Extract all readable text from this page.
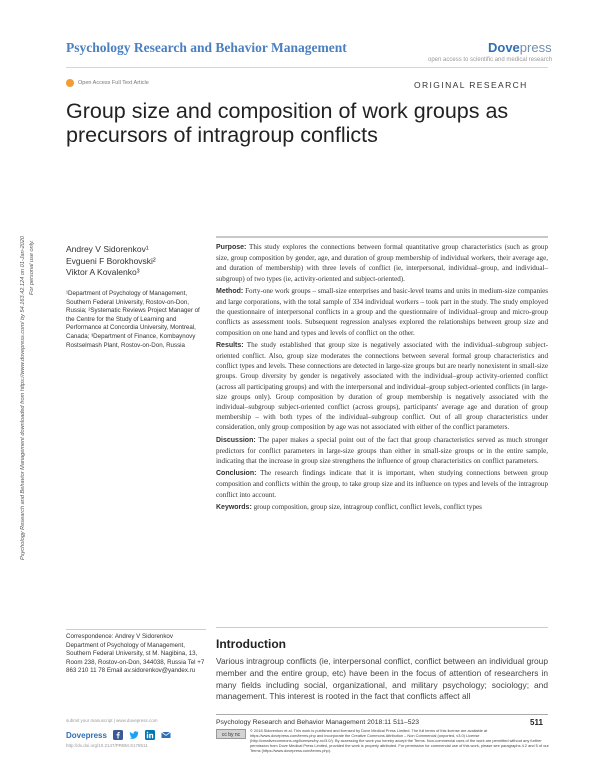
Psychology Research and Behavior Management	Dovepress
open access to scientific and medical research
Open Access Full Text Article	ORIGINAL RESEARCH
Group size and composition of work groups as precursors of intragroup conflicts
Psychology Research and Behavior Management downloaded from https://www.dovepress.com/ by 54.163.42.124 on 01-Jan-2020 For personal use only.	Andrey V Sidorenkov¹
Evgueni F Borokhovski²
Viktor A Kovalenko³
¹Department of Psychology of Management, Southern Federal University, Rostov-on-Don, Russia; ²Systematic Reviews Project Manager of the Centre for the Study of Learning and Performance at Concordia University, Montreal, Canada; ³Department of Finance, Kombaynovy Rostselmash Plant, Rostov-on-Don, Russia

Purpose: This study explores the connections between formal quantitative group characteristics (such as group size, group composition by gender, age, and duration of group membership of individual workers, their average age, and duration of membership) with three levels of conflict (ie, interpersonal, individual–group, and individual–subgroup) of two types (ie, activity-oriented and subject-oriented).

Method: Forty-one work groups – small-size enterprises and basic-level teams and units in medium-size companies and large corporations, with the total sample of 334 individual workers – took part in the study. The study employed the questionnaire of interpersonal conflicts in a group and the questionnaire of individual–group and micro-group conflicts as assessment tools. Subsequent regression analyses explored the relationships between group size and composition on one hand and types and levels of conflict on the other.

Results: The study established that group size is negatively associated with the individual–subgroup subject-oriented conflict. Also, group size moderates the connections between several formal group characteristics and conflict types and levels. These connections are detected in large-size groups but are nearly nonexistent in small-size groups. Group diversity by gender is negatively associated with the individual–group activity-oriented conflict (across all participating groups) and with the interpersonal and individual–group subject-oriented conflicts (in large-size groups only). Group composition by duration of group membership is negatively associated with the individual–subgroup subject-oriented conflict (across groups), participants' average age and duration of group membership – with both types of the individual–subgroup conflict. Out of all group characteristics under consideration, only group composition by age was not associated with either of the conflict parameters.

Discussion: The paper makes a special point out of the fact that group characteristics served as much stronger predictors for conflict parameters in large-size groups than either in small-size groups or in the entire sample, indicating that the increase in group size strengthens the influence of group characteristics on conflict parameters.

Conclusion: The research findings indicate that it is important, when studying connections between group composition and conflicts within the group, to take group size and its influence on types and levels of the intragroup conflict into account.

Keywords: group composition, group size, intragroup conflict, conflict levels, conflict types

Correspondence: Andrey V Sidorenkov Department of Psychology of Management, Southern Federal University, st M. Nagibina, 13, Room 238, Rostov-on-Don, 344038, Russia Tel +7 863 210 11 78 Email av.sidorenkov@yandex.ru
Introduction
Various intragroup conflicts (ie, interpersonal conflict, conflict between an individual group member and the entire group, etc) have been in the focus of attention of researchers in many fields including social, organizational, and military psychology; sociology; and management. This interest is rooted in the fact that conflicts affect all
submit your manuscript | www.dovepress.com
Dovepress
http://dx.doi.org/10.2147/PRBM.S178511
Psychology Research and Behavior Management 2018:11 511–523	511
cc by nc
© 2018 Sidorenkov et al. This work is published and licensed by Dove Medical Press Limited. The full terms of this license are available at https://www.dovepress.com/terms.php and incorporate the Creative Commons Attribution – Non Commercial (unported, v3.0) License (http://creativecommons.org/licenses/by-nc/3.0/). By accessing the work you hereby accept the Terms. Non-commercial uses of the work are permitted without any further permission from Dove Medical Press Limited, provided the work is properly attributed. For permission for commercial use of this work, please see paragraphs 4.2 and 5 of our Terms (https://www.dovepress.com/terms.php).
